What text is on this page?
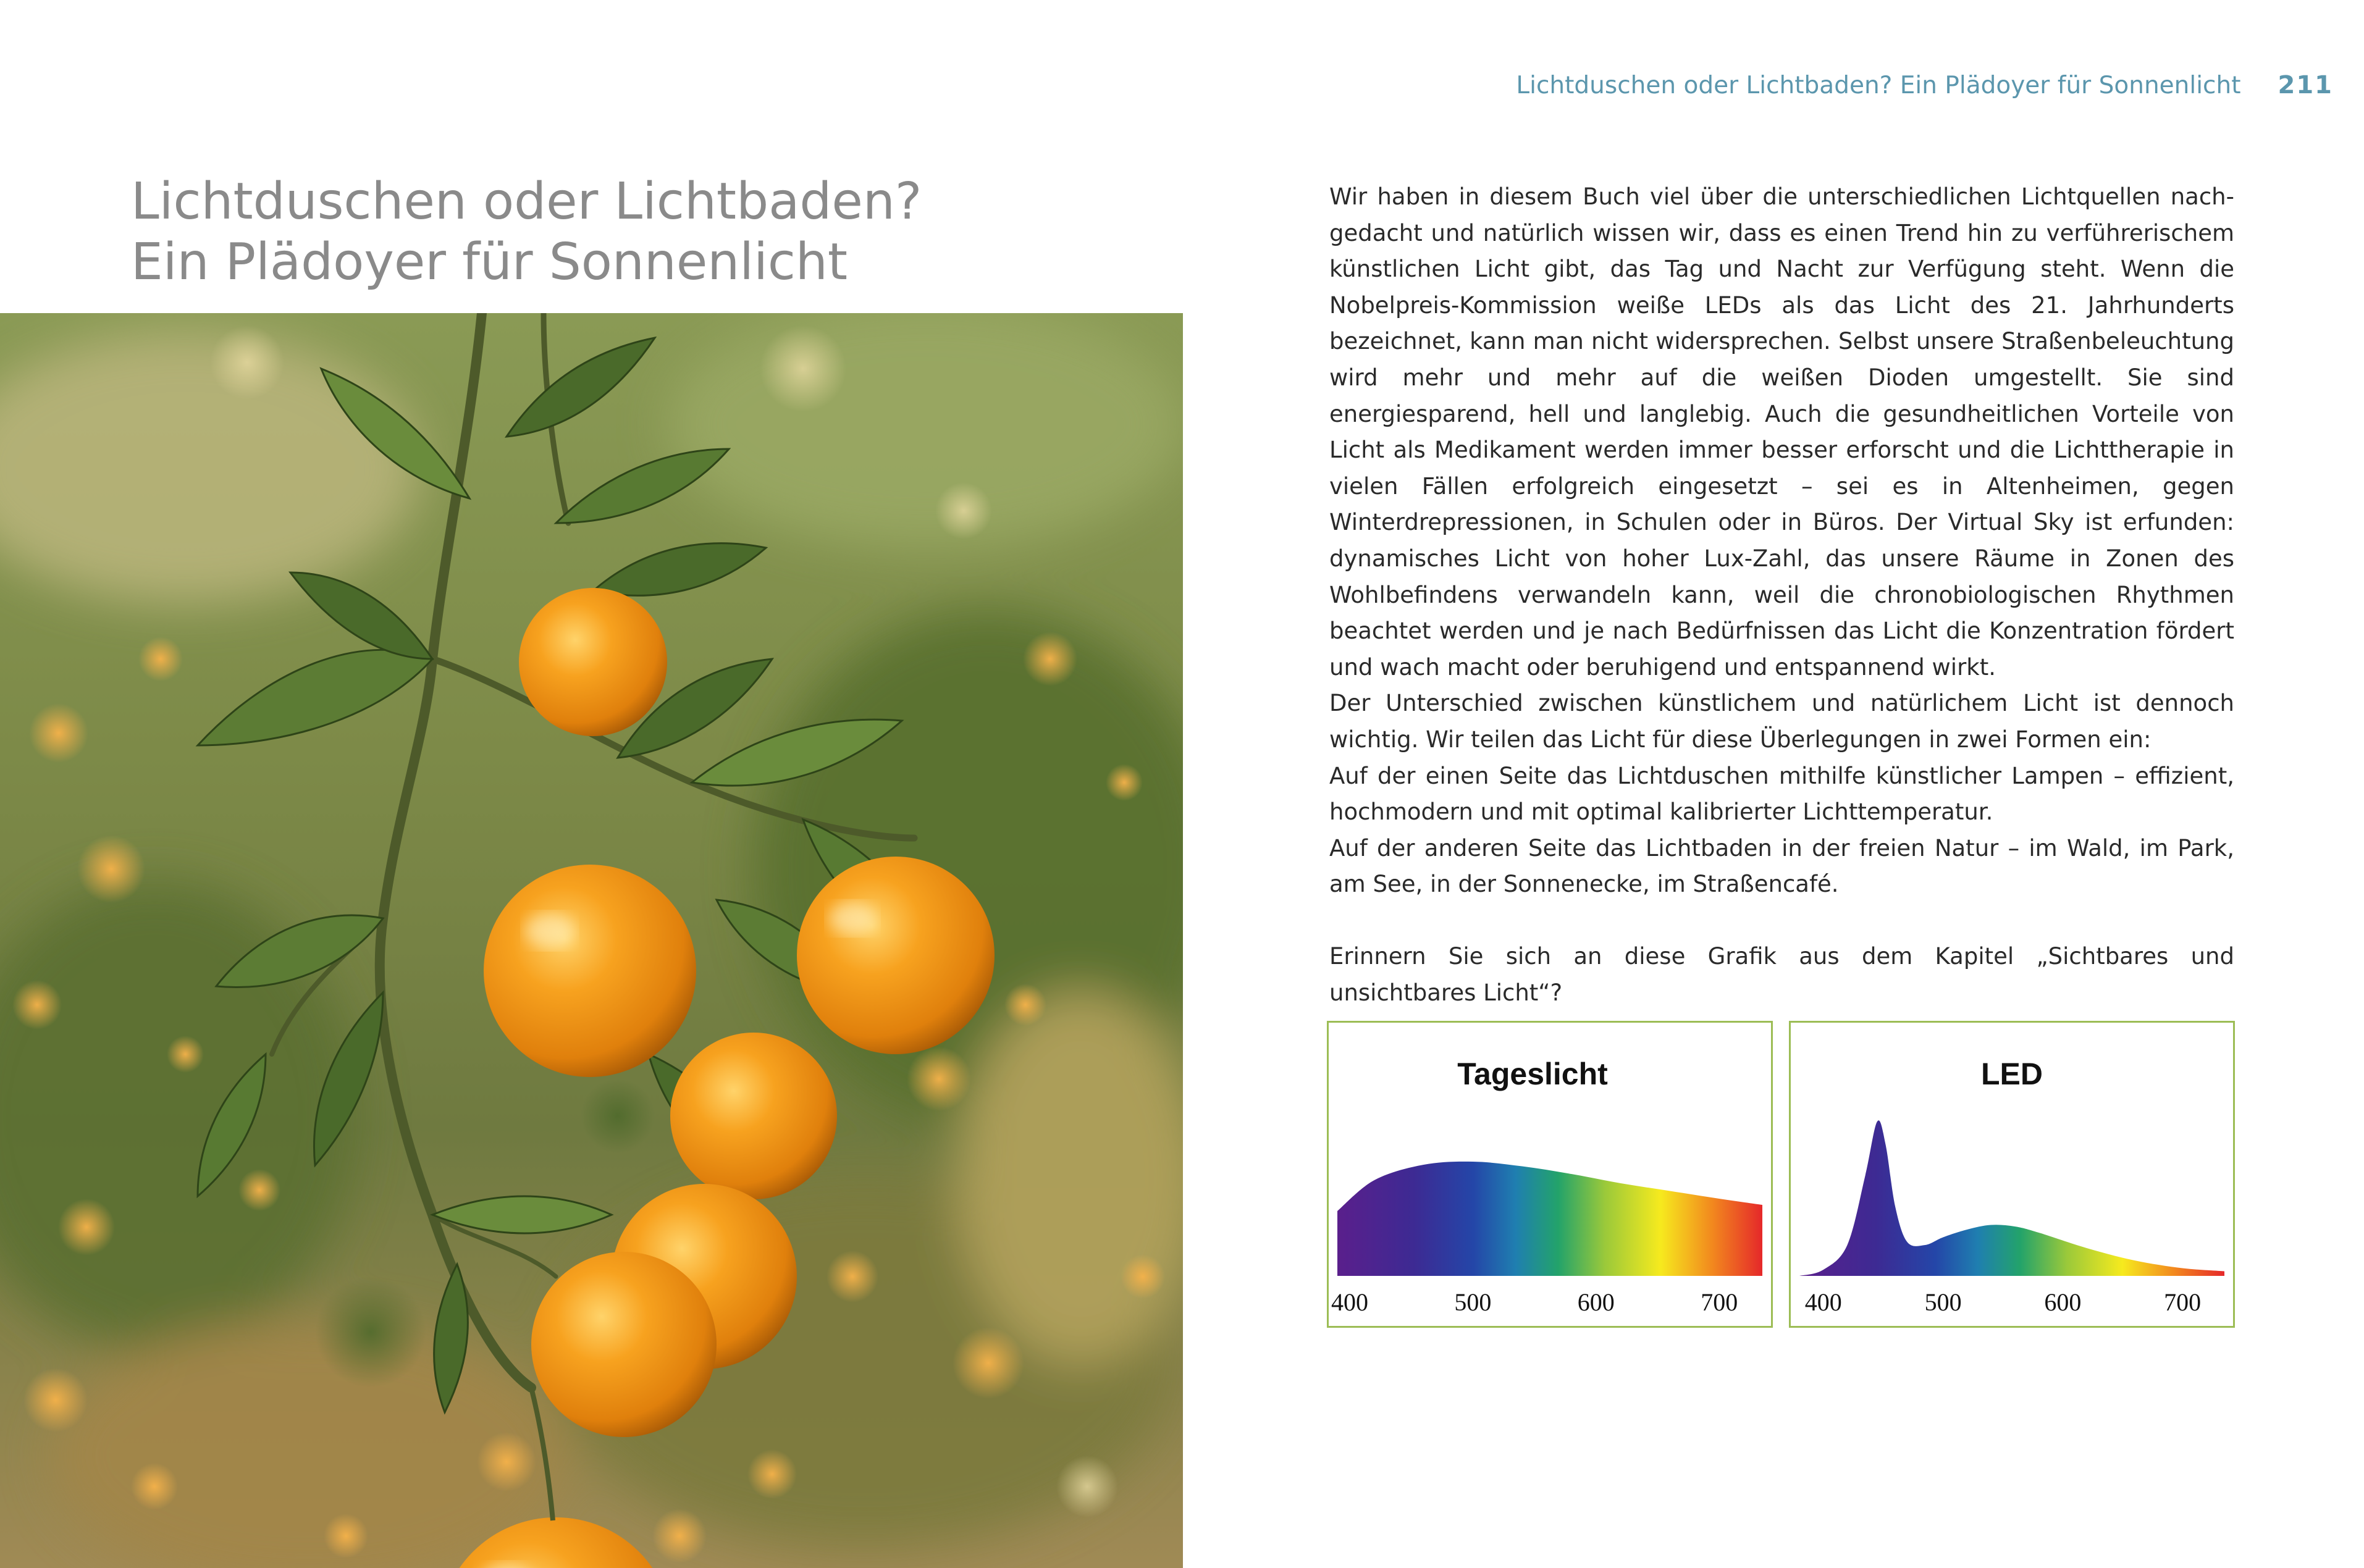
Lichtduschen oder Lichtbaden? Ein Plädoyer für Sonnenlicht 211
Lichtduschen oder Lichtbaden?
Ein Plädoyer für Sonnenlicht

Wir haben in diesem Buch viel über die unterschiedlichen Lichtquellen nachgedacht und natürlich wissen wir, dass es einen Trend hin zu verführerischem künstlichen Licht gibt, das Tag und Nacht zur Verfügung steht. Wenn die Nobelpreis-Kommission weiße LEDs als das Licht des 21. Jahrhunderts bezeichnet, kann man nicht widersprechen. Selbst unsere Straßenbeleuchtung wird mehr und mehr auf die weißen Dioden umgestellt. Sie sind energiesparend, hell und langlebig. Auch die gesundheitlichen Vorteile von Licht als Medikament werden immer besser erforscht und die Lichttherapie in vielen Fällen erfolgreich eingesetzt – sei es in Altenheimen, gegen Winterdrepressionen, in Schulen oder in Büros. Der Virtual Sky ist erfunden: dynamisches Licht von hoher Lux-Zahl, das unsere Räume in Zonen des Wohlbefindens verwandeln kann, weil die chronobiologischen Rhythmen beachtet werden und je nach Bedürfnissen das Licht die Konzentration fördert und wach macht oder beruhigend und entspannend wirkt.

Der Unterschied zwischen künstlichem und natürlichem Licht ist dennoch wichtig. Wir teilen das Licht für diese Überlegungen in zwei Formen ein:

Auf der einen Seite das Lichtduschen mithilfe künstlicher Lampen – effizient, hochmodern und mit optimal kalibrierter Lichttemperatur.

Auf der anderen Seite das Lichtbaden in der freien Natur – im Wald, im Park, am See, in der Sonnenecke, im Straßencafé.

Erinnern Sie sich an diese Grafik aus dem Kapitel „Sichtbares und unsichtbares Licht“?

Tageslicht
400	500	600	700
LED
400	500	600	700
